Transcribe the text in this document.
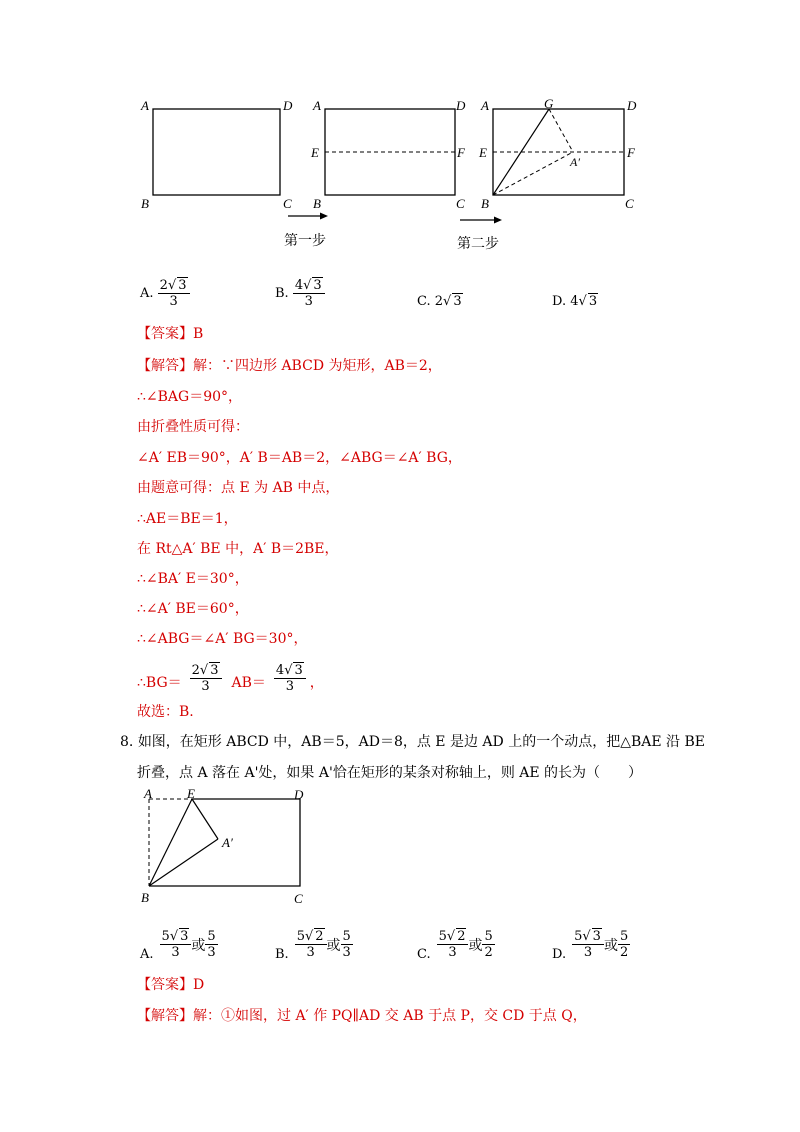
A	D
B	C
A	D
E	F
B	C
A	G	D
E	F
A′
B	C
第一步	第二步
A. $\frac{2√ 3}{3}$	B. $\frac{4√ 3}{3}$	C. 2√ 3	D. 4√ 3
【答案】B
【解答】解：∵四边形 ABCD 为矩形，AB＝2，
∴∠BAG＝90°，
由折叠性质可得：
∠A′ EB＝90°，A′ B＝AB＝2，∠ABG＝∠A′ BG，
由题意可得：点 E 为 AB 中点，
∴AE＝BE＝1，
在 Rt△A′ BE 中，A′ B＝2BE，
∴∠BA′ E＝30°，
∴∠A′ BE＝60°，
∴∠ABG＝∠A′ BG＝30°，
∴BG＝ $\frac{2√ 3}{3} AB= \frac{4√ 3}{3}$ ，
故选：B.
8. 如图，在矩形 ABCD 中，AB＝5，AD＝8，点 E 是边 AD 上的一个动点，把△BAE 沿 BE
折叠，点 A 落在 A'处，如果 A'恰在矩形的某条对称轴上，则 AE 的长为（　　）
A	E	D
A′
B	C
A. $\frac{5√ 3}{3}$ 或 $\frac{5}{3}$	B. $\frac{5√ 2}{3}$ 或 $\frac{5}{3}$	C. $\frac{5√ 2}{3}$ 或 $\frac{5}{2}$	D. $\frac{5√ 3}{3}$ 或 $\frac{5}{2}$
【答案】D
【解答】解：①如图，过 A′ 作 PQ∥AD 交 AB 于点 P，交 CD 于点 Q，
